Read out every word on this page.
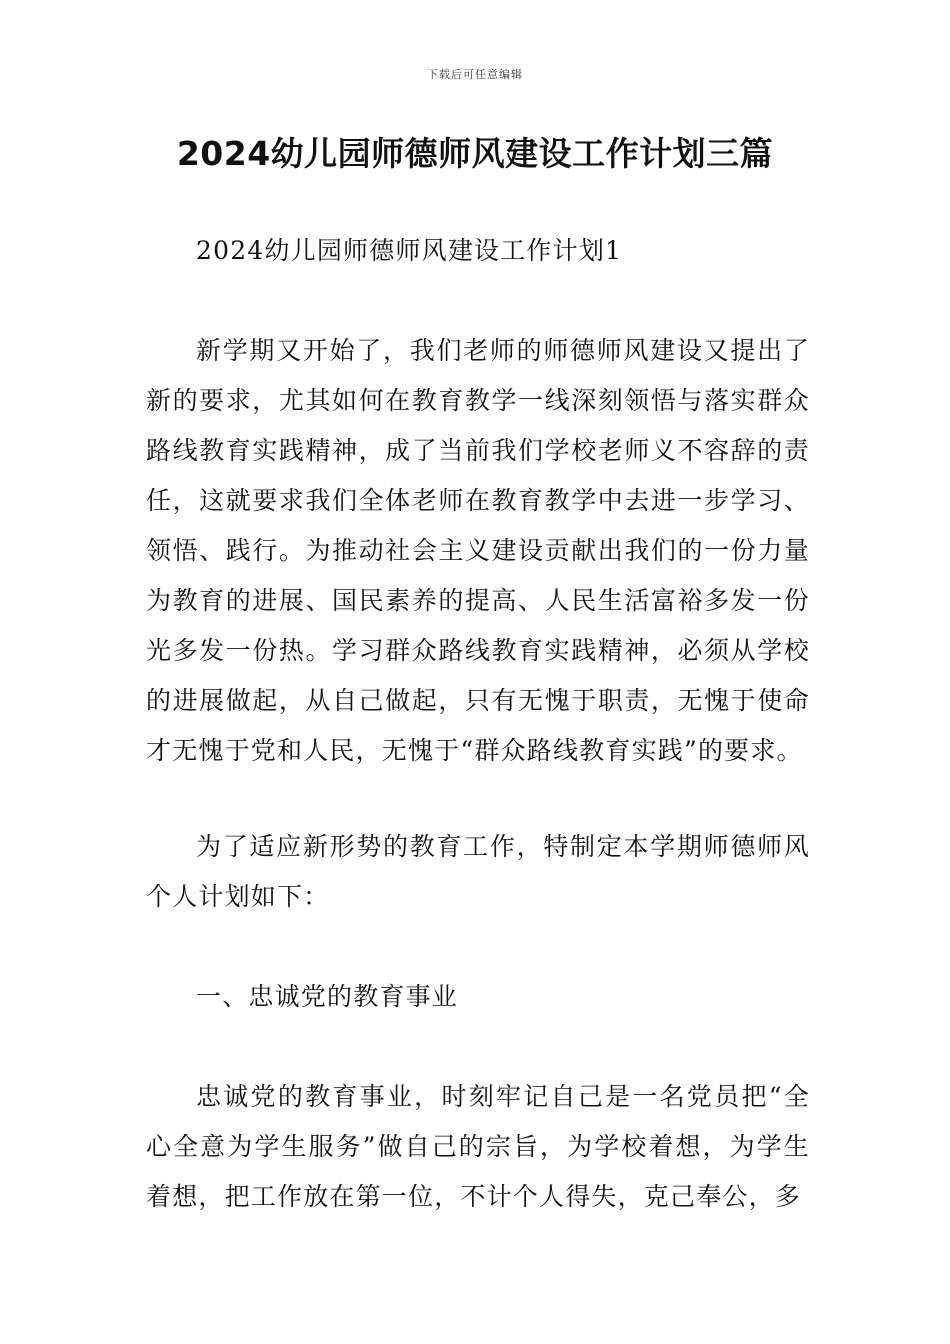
下载后可任意编辑
2024幼儿园师德师风建设工作计划三篇

2024幼儿园师德师风建设工作计划1

新学期又开始了，我们老师的师德师风建设又提出了新的要求，尤其如何在教育教学一线深刻领悟与落实群众路线教育实践精神，成了当前我们学校老师义不容辞的责任，这就要求我们全体老师在教育教学中去进一步学习、领悟、践行。为推动社会主义建设贡献出我们的一份力量为教育的进展、国民素养的提高、人民生活富裕多发一份光多发一份热。学习群众路线教育实践精神，必须从学校的进展做起，从自己做起，只有无愧于职责，无愧于使命才无愧于党和人民，无愧于“群众路线教育实践”的要求。

为了适应新形势的教育工作，特制定本学期师德师风个人计划如下：

一、忠诚党的教育事业

忠诚党的教育事业，时刻牢记自己是一名党员把“全心全意为学生服务”做自己的宗旨，为学校着想，为学生着想，把工作放在第一位，不计个人得失，克己奉公，多
